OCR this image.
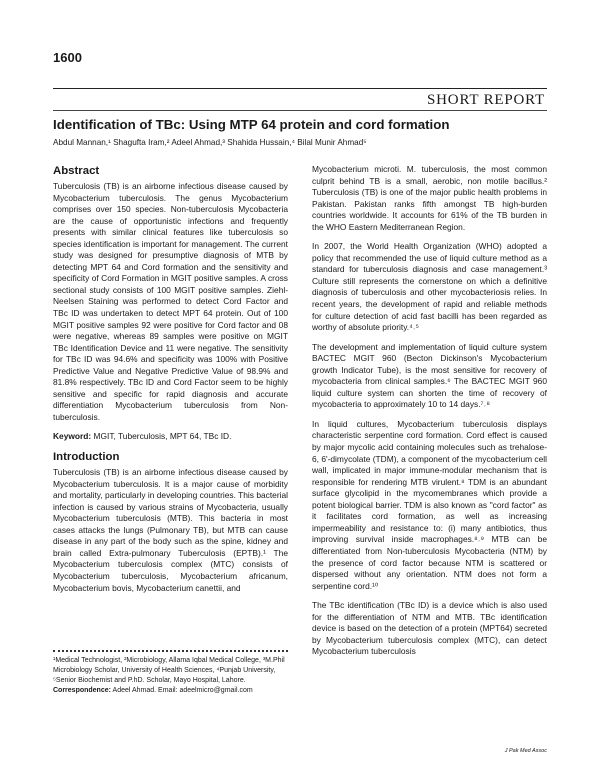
1600
SHORT REPORT
Identification of TBc: Using MTP 64 protein and cord formation
Abdul Mannan,¹ Shagufta Iram,² Adeel Ahmad,³ Shahida Hussain,⁴ Bilal Munir Ahmad⁵
Abstract

Tuberculosis (TB) is an airborne infectious disease caused by Mycobacterium tuberculosis. The genus Mycobacterium comprises over 150 species. Non-tuberculosis Mycobacteria are the cause of opportunistic infections and frequently presents with similar clinical features like tuberculosis so species identification is important for management. The current study was designed for presumptive diagnosis of MTB by detecting MPT 64 and Cord formation and the sensitivity and specificity of Cord Formation in MGIT positive samples. A cross sectional study consists of 100 MGIT positive samples. Ziehl-Neelsen Staining was performed to detect Cord Factor and TBc ID was undertaken to detect MPT 64 protein. Out of 100 MGIT positive samples 92 were positive for Cord factor and 08 were negative, whereas 89 samples were positive on MGIT TBc Identification Device and 11 were negative. The sensitivity for TBc ID was 94.6% and specificity was 100% with Positive Predictive Value and Negative Predictive Value of 98.9% and 81.8% respectively. TBc ID and Cord Factor seem to be highly sensitive and specific for rapid diagnosis and accurate differentiation Mycobacterium tuberculosis from Non-tuberculosis.

Keyword: MGIT, Tuberculosis, MPT 64, TBc ID.

Introduction

Tuberculosis (TB) is an airborne infectious disease caused by Mycobacterium tuberculosis. It is a major cause of morbidity and mortality, particularly in developing countries. This bacterial infection is caused by various strains of Mycobacteria, usually Mycobacterium tuberculosis (MTB). This bacteria in most cases attacks the lungs (Pulmonary TB), but MTB can cause disease in any part of the body such as the spine, kidney and brain called Extra-pulmonary Tuberculosis (EPTB).¹ The Mycobacterium tuberculosis complex (MTC) consists of Mycobacterium tuberculosis, Mycobacterium africanum, Mycobacterium bovis, Mycobacterium canettii, and

¹Medical Technologist, ²Microbiology, Allama Iqbal Medical College, ³M.Phil Microbiology Scholar, University of Health Sciences, ⁴Punjab University, ⁵Senior Biochemist and P.hD. Scholar, Mayo Hospital, Lahore.

Correspondence: Adeel Ahmad. Email: adeelmicro@gmail.com

Mycobacterium microti. M. tuberculosis, the most common culprit behind TB is a small, aerobic, non motile bacillus.² Tuberculosis (TB) is one of the major public health problems in Pakistan. Pakistan ranks fifth amongst TB high-burden countries worldwide. It accounts for 61% of the TB burden in the WHO Eastern Mediterranean Region.

In 2007, the World Health Organization (WHO) adopted a policy that recommended the use of liquid culture method as a standard for tuberculosis diagnosis and case management.³ Culture still represents the cornerstone on which a definitive diagnosis of tuberculosis and other mycobacteriosis relies. In recent years, the development of rapid and reliable methods for culture detection of acid fast bacilli has been regarded as worthy of absolute priority.⁴˒⁵

The development and implementation of liquid culture system BACTEC MGIT 960 (Becton Dickinson's Mycobacterium growth Indicator Tube), is the most sensitive for recovery of mycobacteria from clinical samples.⁶ The BACTEC MGIT 960 liquid culture system can shorten the time of recovery of mycobacteria to approximately 10 to 14 days.⁷˒⁸

In liquid cultures, Mycobacterium tuberculosis displays characteristic serpentine cord formation. Cord effect is caused by major mycolic acid containing molecules such as trehalose-6, 6'-dimycolate (TDM), a component of the mycobacterium cell wall, implicated in major immune-modular mechanism that is responsible for rendering MTB virulent.⁸ TDM is an abundant surface glycolipid in the mycomembranes which provide a potent biological barrier. TDM is also known as "cord factor" as it facilitates cord formation, as well as increasing impermeability and resistance to: (i) many antibiotics, thus improving survival inside macrophages.⁸˒⁹ MTB can be differentiated from Non-tuberculosis Mycobacteria (NTM) by the presence of cord factor because NTM is scattered or dispersed without any orientation. NTM does not form a serpentine cord.¹⁰

The TBc identification (TBc ID) is a device which is also used for the differentiation of NTM and MTB. TBc identification device is based on the detection of a protein (MPT64) secreted by Mycobacterium tuberculosis complex (MTC), can detect Mycobacterium tuberculosis

J Pak Med Assoc
